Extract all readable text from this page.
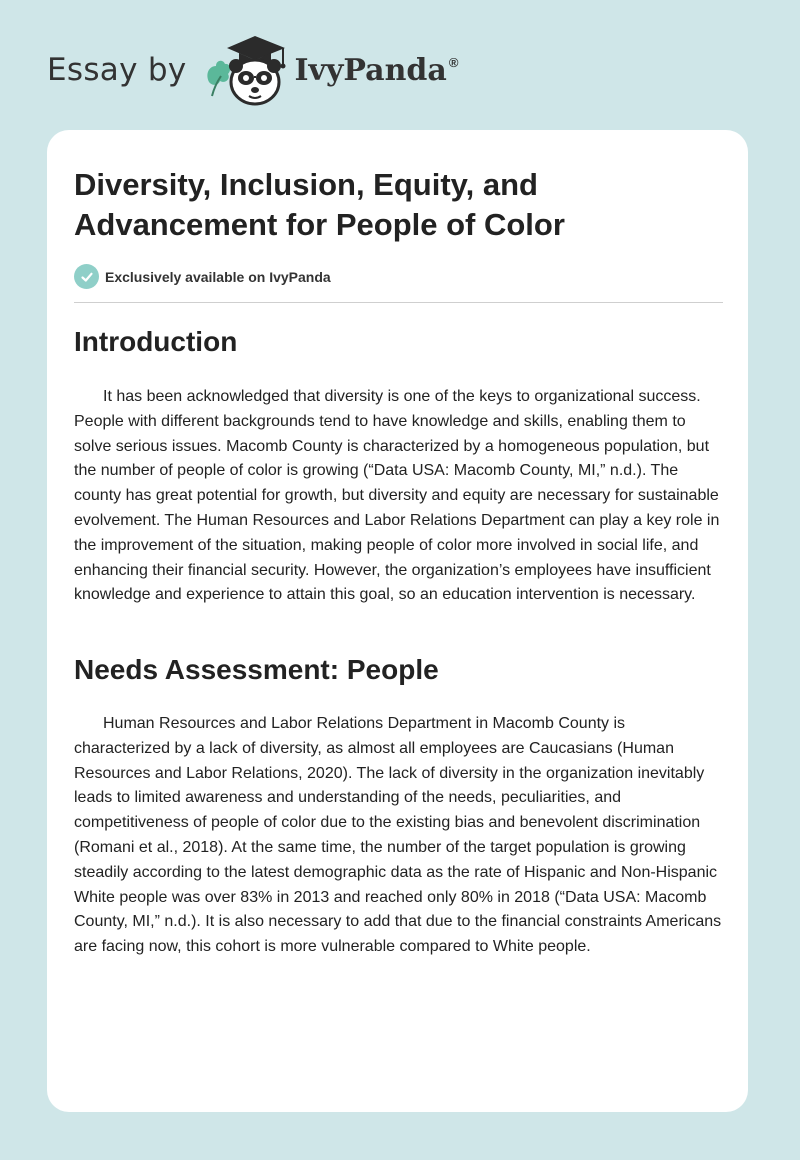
Essay by	IvyPanda ®
Diversity, Inclusion, Equity, and Advancement for People of Color
Exclusively available on IvyPanda
Introduction

It has been acknowledged that diversity is one of the keys to organizational success. People with different backgrounds tend to have knowledge and skills, enabling them to solve serious issues. Macomb County is characterized by a homogeneous population, but the number of people of color is growing (“Data USA: Macomb County, MI,” n.d.). The county has great potential for growth, but diversity and equity are necessary for sustainable evolvement. The Human Resources and Labor Relations Department can play a key role in the improvement of the situation, making people of color more involved in social life, and enhancing their financial security. However, the organization’s employees have insufficient knowledge and experience to attain this goal, so an education intervention is necessary.

Needs Assessment: People

Human Resources and Labor Relations Department in Macomb County is characterized by a lack of diversity, as almost all employees are Caucasians (Human Resources and Labor Relations, 2020). The lack of diversity in the organization inevitably leads to limited awareness and understanding of the needs, peculiarities, and competitiveness of people of color due to the existing bias and benevolent discrimination (Romani et al., 2018). At the same time, the number of the target population is growing steadily according to the latest demographic data as the rate of Hispanic and Non-Hispanic White people was over 83% in 2013 and reached only 80% in 2018 (“Data USA: Macomb County, MI,” n.d.). It is also necessary to add that due to the financial constraints Americans are facing now, this cohort is more vulnerable compared to White people.
